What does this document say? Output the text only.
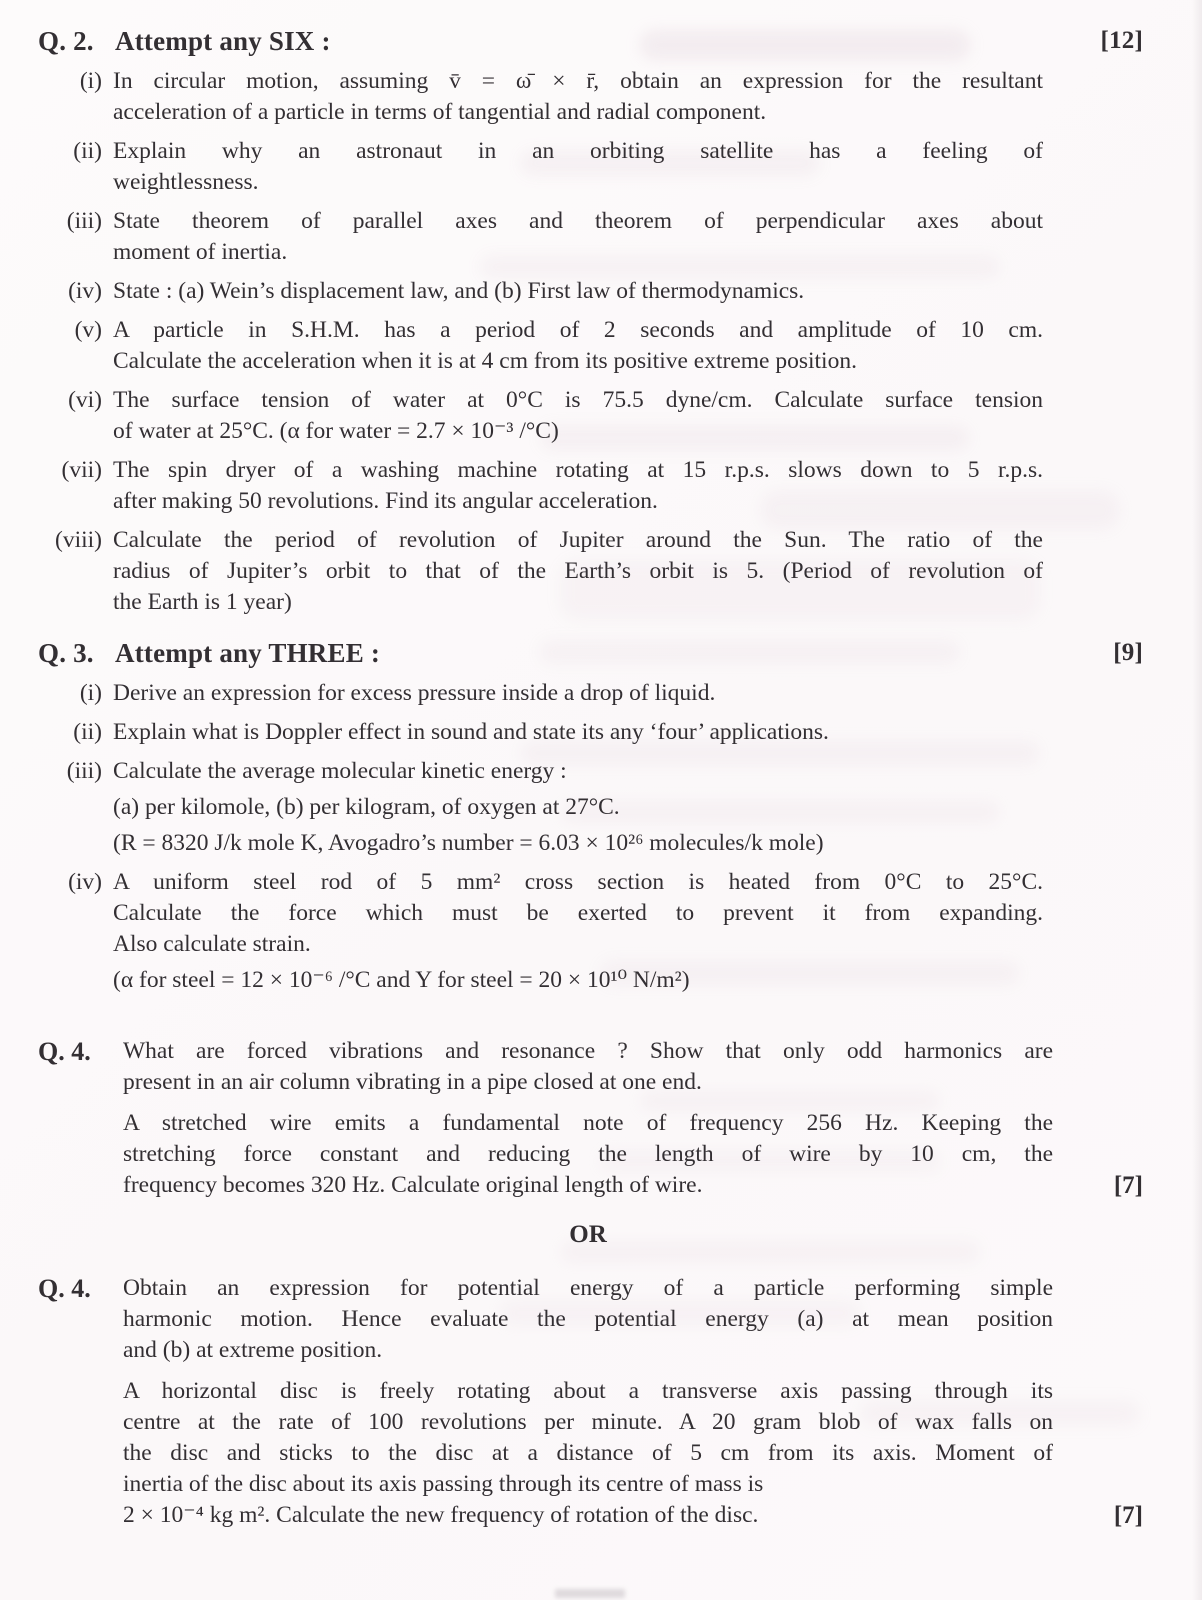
Q. 2. Attempt any SIX :	[12]
(i) In circular motion, assuming v̄ = ω̄ × r̄, obtain an expression for the resultant
acceleration of a particle in terms of tangential and radial component.
(ii) Explain why an astronaut in an orbiting satellite has a feeling of
weightlessness.
(iii) State theorem of parallel axes and theorem of perpendicular axes about
moment of inertia.
(iv) State : (a) Wein’s displacement law, and (b) First law of thermodynamics.
(v) A particle in S.H.M. has a period of 2 seconds and amplitude of 10 cm.
Calculate the acceleration when it is at 4 cm from its positive extreme position.
(vi) The surface tension of water at 0°C is 75.5 dyne/cm. Calculate surface tension
of water at 25°C. (α for water = 2.7 × 10⁻³ /°C)
(vii) The spin dryer of a washing machine rotating at 15 r.p.s. slows down to 5 r.p.s.
after making 50 revolutions. Find its angular acceleration.
(viii) Calculate the period of revolution of Jupiter around the Sun. The ratio of the
radius of Jupiter’s orbit to that of the Earth’s orbit is 5. (Period of revolution of
the Earth is 1 year)
Q. 3. Attempt any THREE :	[9]
(i) Derive an expression for excess pressure inside a drop of liquid.
(ii) Explain what is Doppler effect in sound and state its any ‘four’ applications.
(iii) Calculate the average molecular kinetic energy :
(a) per kilomole, (b) per kilogram, of oxygen at 27°C.
(R = 8320 J/k mole K, Avogadro’s number = 6.03 × 10²⁶ molecules/k mole)
(iv) A uniform steel rod of 5 mm² cross section is heated from 0°C to 25°C.
Calculate the force which must be exerted to prevent it from expanding.
Also calculate strain.
(α for steel = 12 × 10⁻⁶ /°C and Y for steel = 20 × 10¹⁰ N/m²)
Q. 4.	What are forced vibrations and resonance ? Show that only odd harmonics are
present in an air column vibrating in a pipe closed at one end.
A stretched wire emits a fundamental note of frequency 256 Hz. Keeping the
stretching force constant and reducing the length of wire by 10 cm, the
frequency becomes 320 Hz. Calculate original length of wire.	[7]
OR
Q. 4.	Obtain an expression for potential energy of a particle performing simple
harmonic motion. Hence evaluate the potential energy (a) at mean position
and (b) at extreme position.
A horizontal disc is freely rotating about a transverse axis passing through its
centre at the rate of 100 revolutions per minute. A 20 gram blob of wax falls on
the disc and sticks to the disc at a distance of 5 cm from its axis. Moment of
inertia of the disc about its axis passing through its centre of mass is
2 × 10⁻⁴ kg m². Calculate the new frequency of rotation of the disc.	[7]
